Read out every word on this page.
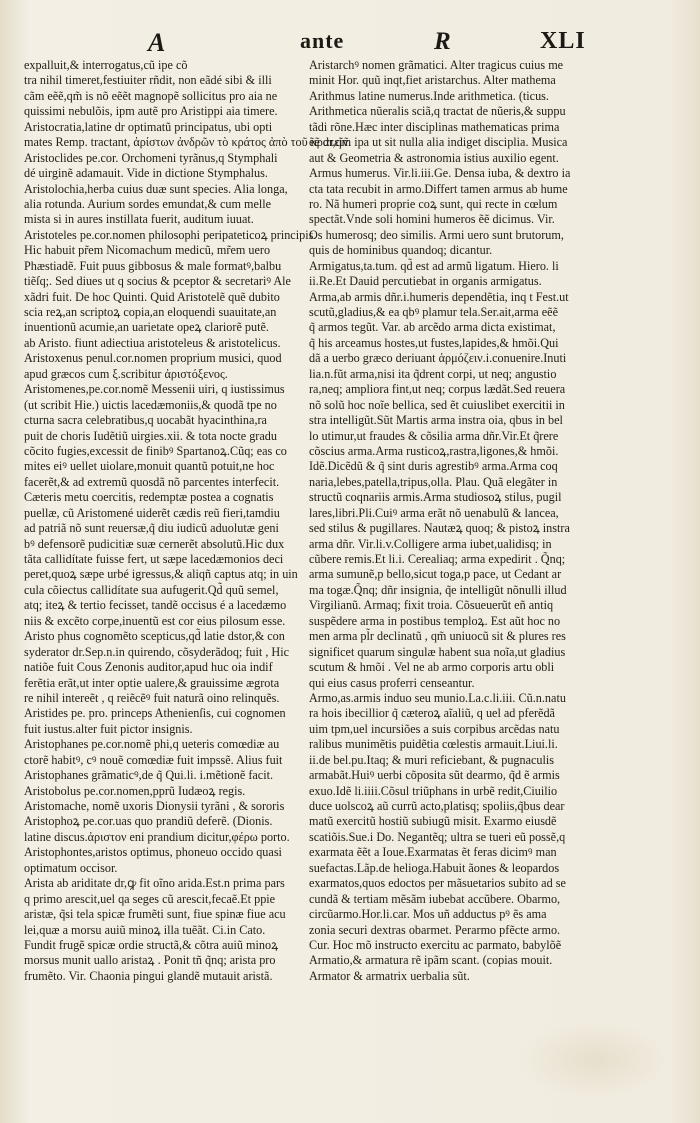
A	ante	R	XLI
expalluit,& interrogatus,cũ ipe cõ
tra nihil timeret,festiuiter rñdit, non eãdé sibi & illi
cãm eẽẽ,qm̃ is nõ eẽẽt magnopẽ sollicitus pro aia ne
quissimi nebulõis, ipm autẽ pro Aristippi aia timere.
Aristocratia,latine dr optimatũ principatus, ubi opti
mates Remp. tractant, ἀρίστων ἀνδρῶν τὸ κράτος ἀπὸ τοῦ κρατεῖν.
Aristoclides pe.cor. Orchomeni tyrãnus,q Stymphali
dé uirginẽ adamauit. Vide in dictione Stymphalus.
Aristolochia,herba cuius duæ sunt species. Alia longa,
alia rotunda. Aurium sordes emundat,& cum melle
mista si in aures instillata fuerit, auditum iuuat.
Aristoteles pe.cor.nomen philosophi peripateticoꝝ principis.
Hic habuit pr̃em Nicomachum medicũ, mr̃em uero
Phæstiadẽ. Fuit puus gibbosus & male formatꝰ,balbu
tiẽſq;. Sed diues ut q socius & pceptor & secretariꝰ Ale
xãdri fuit. De hoc Quinti. Quid Aristotelẽ quẽ dubito
scia reꝝ,an scriptoꝝ copia,an eloquendi suauitate,an
inuentionũ acumie,an uarietate opeꝝ clariorẽ putẽ.
ab Aristo. fiunt adiectiua aristoteleus & aristotelicus.
Aristoxenus penul.cor.nomen proprium musici, quod
apud græcos cum ξ.scribitur ἀριστόξενος.
Aristomenes,pe.cor.nomẽ Messenii uiri, q iustissimus
(ut scribit Hie.) uictis lacedæmoniis,& quodã tpe no
cturna sacra celebratibus,q uocabãt hyacinthina,ra
puit de choris Iudẽtiũ uirgies.xii. & tota nocte gradu
cõcito fugies,excessit de finibꝰ Spartanoꝝ.Cũq; eas co
mites eiꝰ uellet uiolare,monuit quantũ potuit,ne hoc
facerẽt,& ad extremũ quosdã nõ parcentes interfecit.
Cæteris metu coercitis, redemptæ postea a cognatis
puellæ, cũ Aristomené uiderẽt cædis reũ fieri,tamdiu
ad patriã nõ sunt reuersæ,q̃ diu iudicũ aduolutæ geni
bꝰ defensorẽ pudicitiæ suæ cernerẽt absolutũ.Hic dux
tãta callidítate fuisse fert, ut sæpe lacedæmonios deci
peret,quoꝝ sæpe urbé igressus,& aliqñ captus atq; in uin
cula cõiectus callidítate sua aufugerit.Qd̃ quũ semel,
atq; iteꝝ & tertio fecisset, tandẽ occisus é a lacedæmo
niis & excẽto corpe,inuentũ est cor eius pilosum esse.
Aristo phus cognomẽto scepticus,qd̃ latie dstor,& con
syderator dr.Sep.n.in quirendo, cõsyderãdoq; fuit , Hic
natiõe fuit Cous Zenonis auditor,apud huc oia indif
ferẽtia erãt,ut inter optie ualere,& grauissime ægrota
re nihil intereẽt , q reiẽcẽꝰ fuit naturã oino relinquẽs.
Aristides pe. pro. princeps Athenienſis, cui cognomen
fuit iustus.alter fuit pictor insignis.
Aristophanes pe.cor.nomẽ phi,q ueteris comœdiæ au
ctorẽ habitꝰ, cꝰ nouẽ comœdiæ fuit impssẽ. Alius fuit
Aristophanes grãmaticꝰ,de q̃ Qui.li. i.mẽtionẽ facit.
Aristobolus pe.cor.nomen,pprũ Iudæoꝝ regis.
Aristomache, nomẽ uxoris Dionysii tyrãni , & sororis
Aristophoꝝ pe.cor.uas quo prandiũ deferẽ. (Dionis.
latine discus.ἀριστον eni prandium dicitur,φέρω porto.
Aristophontes,aristos optimus, phoneuo occido quasi
optimatum occisor.
Arista ab ariditate dr,ꝙ fit oĩno arida.Est.n prima pars
q primo arescit,uel qa seges cũ arescit,fecaẽ.Et ppie
aristæ, q̃si tela spicæ frumẽti sunt, fiue spinæ fiue acu
lei,quæ a morsu auiũ minoꝝ illa tuẽãt. Ci.in Cato.
Fundit frugẽ spicæ ordie structã,& cõtra auiũ minoꝝ
morsus munit uallo aristaꝝ . Ponit tñ q̃nq; arista pro
frumẽto. Vir. Chaonia pingui glandẽ mutauit aristã.
Aristarchꝰ nomen grãmatici. Alter tragicus cuius me
minit Hor. quũ inqt,fiet aristarchus. Alter mathema
Arithmus latine numerus.Inde arithmetica. (ticus.
Arithmetica nũeralis sciã,q tractat de nũeris,& suppu
tãdi rõne.Hæc inter disciplinas mathematicas prima
ẽẽ dr,qm̃ ipa ut sit nulla alia indiget disciplia. Musica
aut & Geometria & astronomia istius auxilio egent.
Armus humerus. Vir.li.iii.Ge. Densa iuba, & dextro ia
cta tata recubit in armo.Differt tamen armus ab hume
ro. Nã humeri proprie coꝝ sunt, qui recte in cœlum
spectãt.Vnde soli homini humeros ẽẽ dicimus. Vir.
Os humerosq; deo similis. Armi uero sunt brutorum,
quis de hominibus quandoq; dicantur.
Armigatus,ta.tum. qd̃ est ad armũ ligatum. Hiero. li
ii.Re.Et Dauid percutiebat in organis armigatus.
Arma,ab armis dñr.i.humeris dependẽtia, inq t Fest.ut
scutũ,gladius,& ea qbꝰ plamur tela.Ser.ait,arma eẽẽ
q̃ armos tegũt. Var. ab arcẽdo arma dicta existimat,
q̃ his arceamus hostes,ut fustes,lapides,& hmõi.Qui
dã a uerbo græco deriuant ἁρμόζειν.i.conuenire.Inuti
lia.n.fũt arma,nisi ita q̃drent corpi, ut neq; angustio
ra,neq; ampliora fint,ut neq; corpus lædãt.Sed reuera
nõ solũ hoc noĩe bellica, sed ẽt cuiuslibet exercitii in
stra intelligũt.Sũt Martis arma instra oia, qbus in bel
lo utimur,ut fraudes & cõsilia arma dñr.Vir.Et q̃rere
cõscius arma.Arma rusticoꝝ,rastra,ligones,& hmõi.
Idẽ.Dicẽdũ & q̃ sint duris agrestibꝰ arma.Arma coq
naria,lebes,patella,tripus,olla. Plau. Quã elegãter in
structũ coqnariis armis.Arma studiosoꝝ stilus, pugil
lares,libri.Pli.Cuiꝰ arma erãt nõ uenabulũ & lancea,
sed stilus & pugillares. Nautæꝝ quoq; & pistoꝝ instra
arma dñr. Vir.li.v.Colligere arma iubet,ualidisq; in
cũbere remis.Et li.i. Cerealiaq; arma expedirit . Q̃nq;
arma sumunẽ,p bello,sicut toga,p pace, ut Cedant ar
ma togæ.Q̃nq; dñr insignia, q̃e intelligũt nõnulli illud
Virgilianũ. Armaq; fixit troia. Cõsueuerũt eñ antiq
suspẽdere arma in postibus temploꝝ. Est aũt hoc no
men arma pl̃r declinatũ , qm̃ uniuocũ sit & plures res
significet quarum singulæ habent sua noĩa,ut gladius
scutum & hmõi . Vel ne ab armo corporis artu obli
qui eius casus proferri censeantur.
Armo,as.armis induo seu munio.La.c.li.iii. Cũ.n.natu
ra hois ibecillior q̃ cæteroꝝ aĩaliũ, q uel ad pferẽdã
uim tpm,uel incursiões a suis corpibus arcẽdas natu
ralibus munimẽtis puidẽtia cœlestis armauit.Liui.li.
ii.de bel.pu.Itaq; & muri reficiebant, & pugnaculis
armabãt.Huiꝰ uerbi cõposita sũt dearmo, q̃d ẽ armis
exuo.Idẽ li.iiii.Cõsul triũphans in urbẽ redit,Ciuilio
duce uolscoꝝ aũ currũ acto,platisq; spoliis,q̃bus dear
matũ exercitũ hostiũ subiugũ misit. Exarmo eiusdẽ
scatiõis.Sue.i Do. Negantẽq; ultra se tueri eũ possẽ,q
exarmata ẽẽt a Ioue.Exarmatas ẽt feras dicimꝰ man
suefactas.Lãp.de helioga.Habuit ãones & leopardos
exarmatos,quos edoctos per mãsuetarios subito ad se
cundã & tertiam mẽsãm iubebat accũbere. Obarmo,
circũarmo.Hor.li.car. Mos uñ adductus pꝰ ẽs ama
zonia securi dextras obarmet. Perarmo pfẽcte armo.
Cur. Hoc mõ instructo exercitu ac parmato, babylõẽ
Armatio,& armatura rẽ ipãm scant. (copias mouit.
Armator & armatrix uerbalia sũt.
